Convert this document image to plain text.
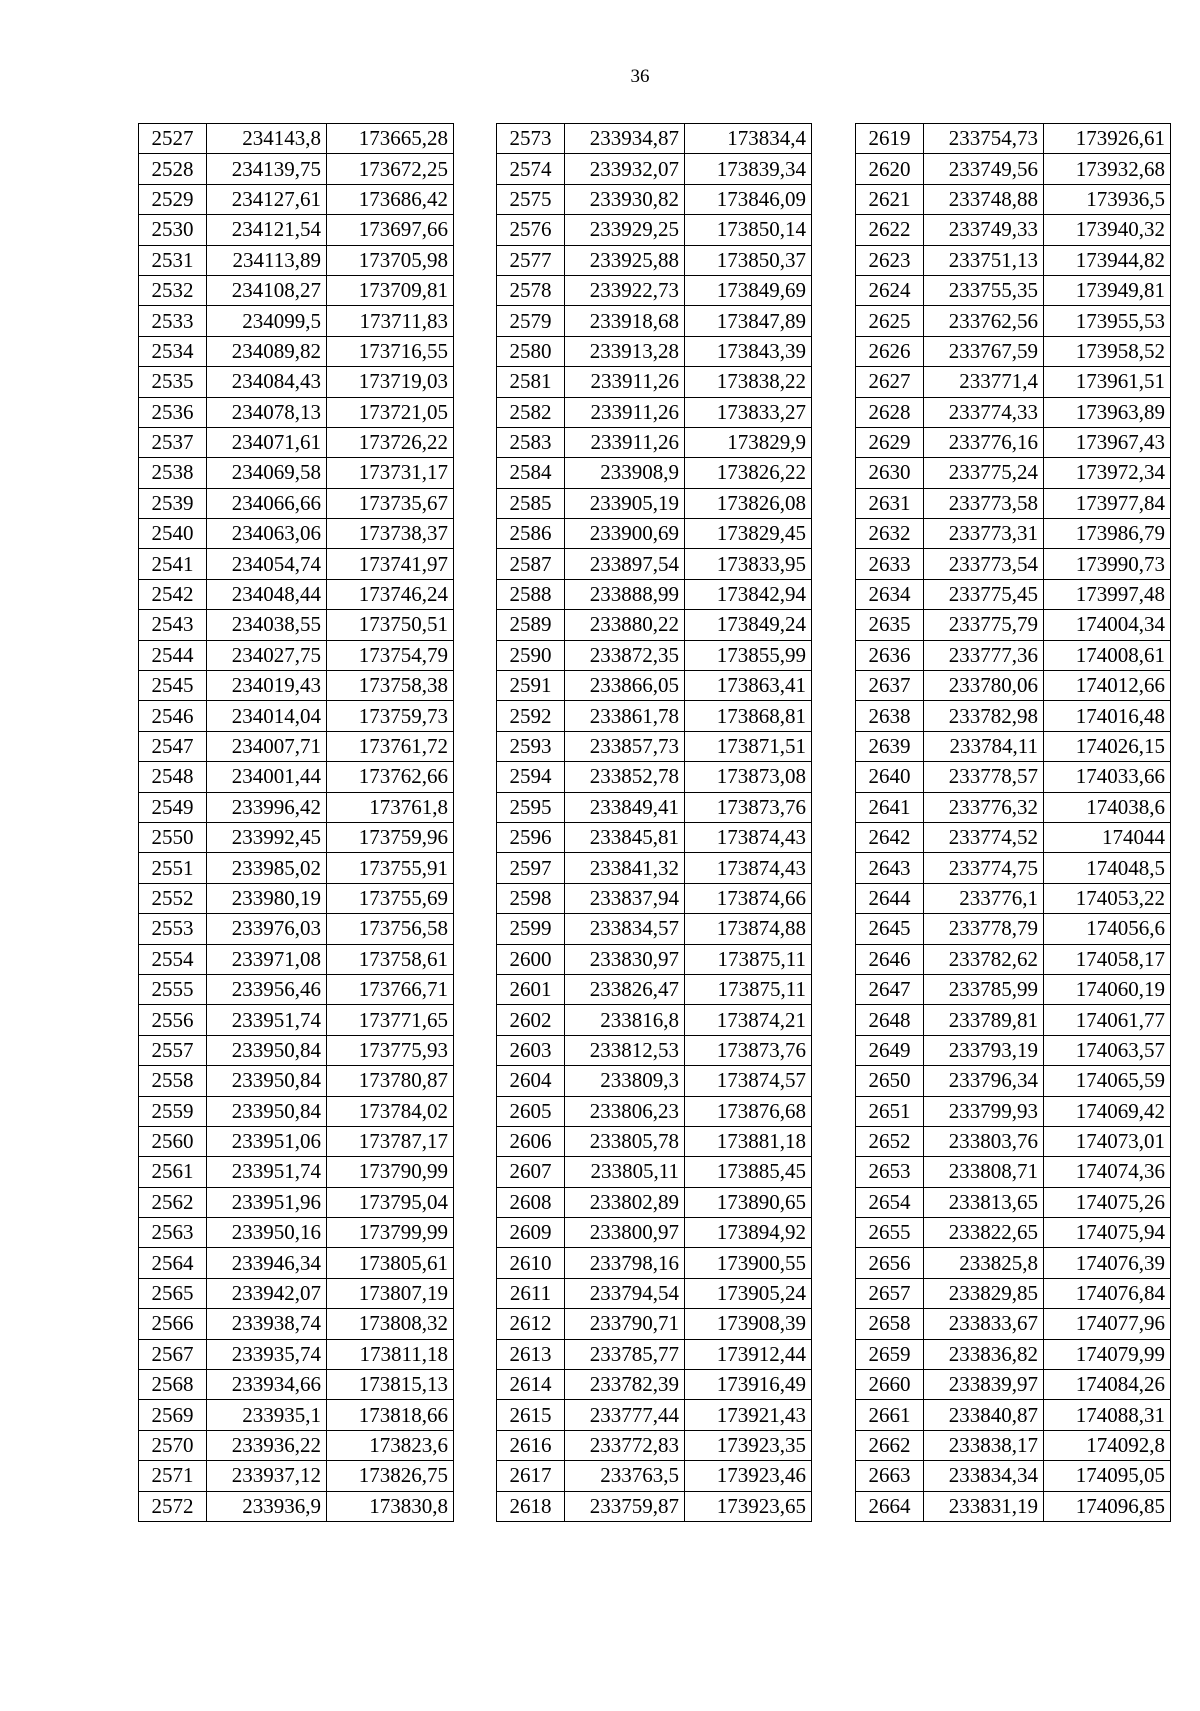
36
2527	234143,8	173665,28
2528	234139,75	173672,25
2529	234127,61	173686,42
2530	234121,54	173697,66
2531	234113,89	173705,98
2532	234108,27	173709,81
2533	234099,5	173711,83
2534	234089,82	173716,55
2535	234084,43	173719,03
2536	234078,13	173721,05
2537	234071,61	173726,22
2538	234069,58	173731,17
2539	234066,66	173735,67
2540	234063,06	173738,37
2541	234054,74	173741,97
2542	234048,44	173746,24
2543	234038,55	173750,51
2544	234027,75	173754,79
2545	234019,43	173758,38
2546	234014,04	173759,73
2547	234007,71	173761,72
2548	234001,44	173762,66
2549	233996,42	173761,8
2550	233992,45	173759,96
2551	233985,02	173755,91
2552	233980,19	173755,69
2553	233976,03	173756,58
2554	233971,08	173758,61
2555	233956,46	173766,71
2556	233951,74	173771,65
2557	233950,84	173775,93
2558	233950,84	173780,87
2559	233950,84	173784,02
2560	233951,06	173787,17
2561	233951,74	173790,99
2562	233951,96	173795,04
2563	233950,16	173799,99
2564	233946,34	173805,61
2565	233942,07	173807,19
2566	233938,74	173808,32
2567	233935,74	173811,18
2568	233934,66	173815,13
2569	233935,1	173818,66
2570	233936,22	173823,6
2571	233937,12	173826,75
2572	233936,9	173830,8
2573	233934,87	173834,4
2574	233932,07	173839,34
2575	233930,82	173846,09
2576	233929,25	173850,14
2577	233925,88	173850,37
2578	233922,73	173849,69
2579	233918,68	173847,89
2580	233913,28	173843,39
2581	233911,26	173838,22
2582	233911,26	173833,27
2583	233911,26	173829,9
2584	233908,9	173826,22
2585	233905,19	173826,08
2586	233900,69	173829,45
2587	233897,54	173833,95
2588	233888,99	173842,94
2589	233880,22	173849,24
2590	233872,35	173855,99
2591	233866,05	173863,41
2592	233861,78	173868,81
2593	233857,73	173871,51
2594	233852,78	173873,08
2595	233849,41	173873,76
2596	233845,81	173874,43
2597	233841,32	173874,43
2598	233837,94	173874,66
2599	233834,57	173874,88
2600	233830,97	173875,11
2601	233826,47	173875,11
2602	233816,8	173874,21
2603	233812,53	173873,76
2604	233809,3	173874,57
2605	233806,23	173876,68
2606	233805,78	173881,18
2607	233805,11	173885,45
2608	233802,89	173890,65
2609	233800,97	173894,92
2610	233798,16	173900,55
2611	233794,54	173905,24
2612	233790,71	173908,39
2613	233785,77	173912,44
2614	233782,39	173916,49
2615	233777,44	173921,43
2616	233772,83	173923,35
2617	233763,5	173923,46
2618	233759,87	173923,65
2619	233754,73	173926,61
2620	233749,56	173932,68
2621	233748,88	173936,5
2622	233749,33	173940,32
2623	233751,13	173944,82
2624	233755,35	173949,81
2625	233762,56	173955,53
2626	233767,59	173958,52
2627	233771,4	173961,51
2628	233774,33	173963,89
2629	233776,16	173967,43
2630	233775,24	173972,34
2631	233773,58	173977,84
2632	233773,31	173986,79
2633	233773,54	173990,73
2634	233775,45	173997,48
2635	233775,79	174004,34
2636	233777,36	174008,61
2637	233780,06	174012,66
2638	233782,98	174016,48
2639	233784,11	174026,15
2640	233778,57	174033,66
2641	233776,32	174038,6
2642	233774,52	174044
2643	233774,75	174048,5
2644	233776,1	174053,22
2645	233778,79	174056,6
2646	233782,62	174058,17
2647	233785,99	174060,19
2648	233789,81	174061,77
2649	233793,19	174063,57
2650	233796,34	174065,59
2651	233799,93	174069,42
2652	233803,76	174073,01
2653	233808,71	174074,36
2654	233813,65	174075,26
2655	233822,65	174075,94
2656	233825,8	174076,39
2657	233829,85	174076,84
2658	233833,67	174077,96
2659	233836,82	174079,99
2660	233839,97	174084,26
2661	233840,87	174088,31
2662	233838,17	174092,8
2663	233834,34	174095,05
2664	233831,19	174096,85
